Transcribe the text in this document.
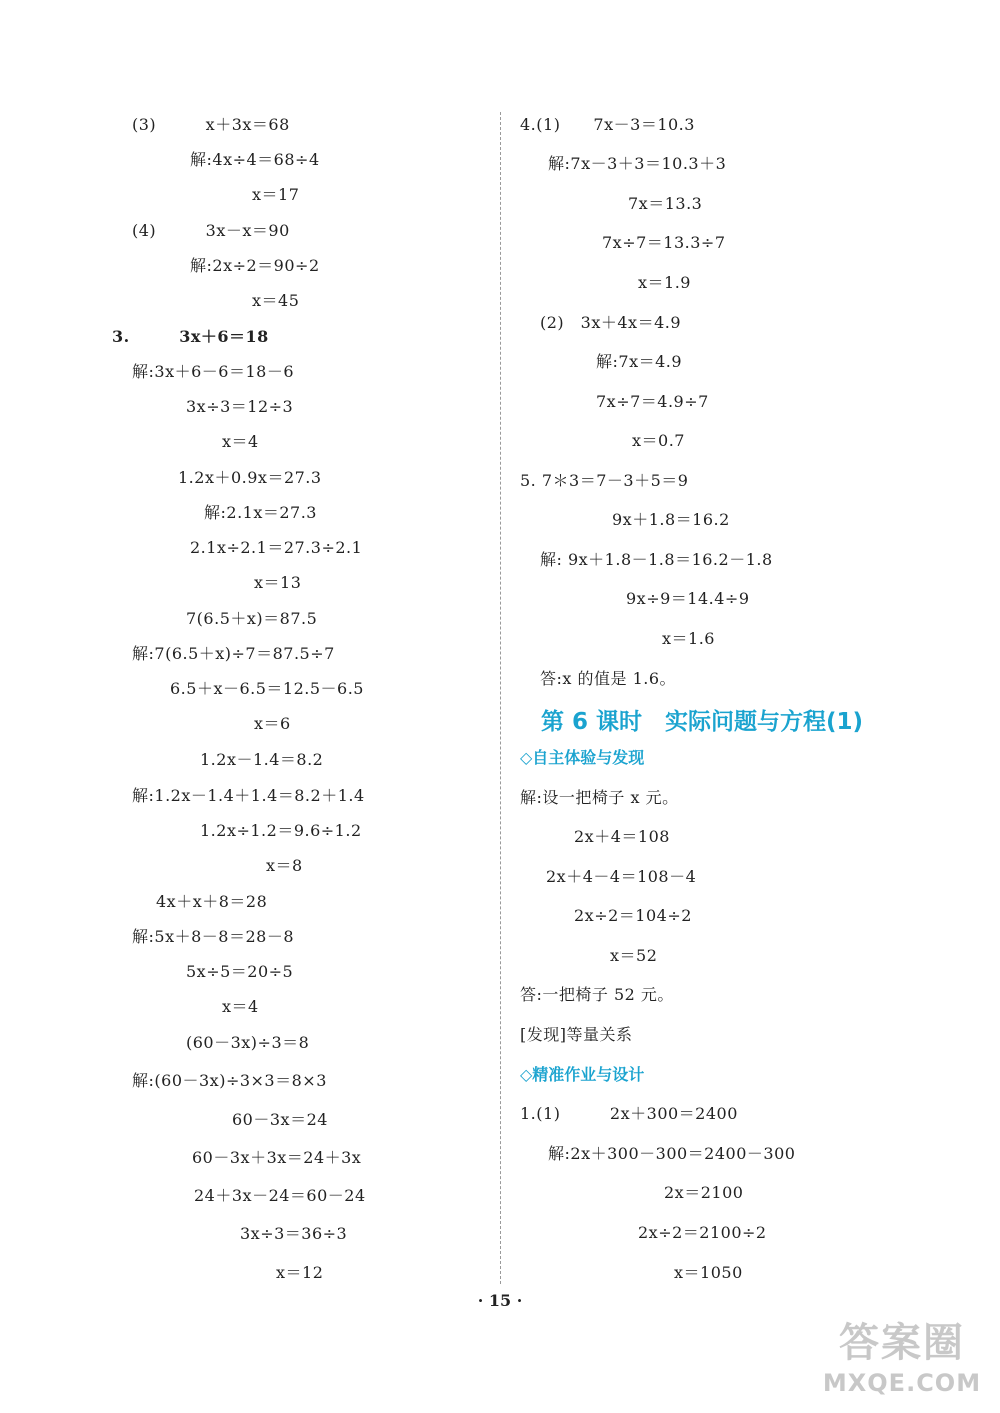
(3)　　　x＋3x＝68
解:4x÷4＝68÷4
x＝17
(4)　　　3x－x＝90
解:2x÷2＝90÷2
x＝45
3.　　　3x＋6＝18
解:3x＋6－6＝18－6
3x÷3＝12÷3
x＝4
1.2x＋0.9x＝27.3
解:2.1x＝27.3
2.1x÷2.1＝27.3÷2.1
x＝13
7(6.5＋x)＝87.5
解:7(6.5＋x)÷7＝87.5÷7
6.5＋x－6.5＝12.5－6.5
x＝6
1.2x－1.4＝8.2
解:1.2x－1.4＋1.4＝8.2＋1.4
1.2x÷1.2＝9.6÷1.2
x＝8
4x＋x＋8＝28
解:5x＋8－8＝28－8
5x÷5＝20÷5
x＝4
(60－3x)÷3＝8
解:(60－3x)÷3×3＝8×3
60－3x＝24
60－3x＋3x＝24＋3x
24＋3x－24＝60－24
3x÷3＝36÷3
x＝12
4.(1)　　7x－3＝10.3
解:7x－3＋3＝10.3＋3
7x＝13.3
7x÷7＝13.3÷7
x＝1.9
(2)　3x＋4x＝4.9
解:7x＝4.9
7x÷7＝4.9÷7
x＝0.7
5. 7＊3＝7－3＋5＝9
9x＋1.8＝16.2
解: 9x＋1.8－1.8＝16.2－1.8
9x÷9＝14.4÷9
x＝1.6
答:x 的值是 1.6。
第 6 课时　实际问题与方程(1)
◇自主体验与发现
解:设一把椅子 x 元。
2x＋4＝108
2x＋4－4＝108－4
2x÷2＝104÷2
x＝52
答:一把椅子 52 元。
[发现]等量关系
◇精准作业与设计
1.(1)　　　2x＋300＝2400
解:2x＋300－300＝2400－300
2x＝2100
2x÷2＝2100÷2
x＝1050
· 15 ·
答案圈
MXQE.COM
